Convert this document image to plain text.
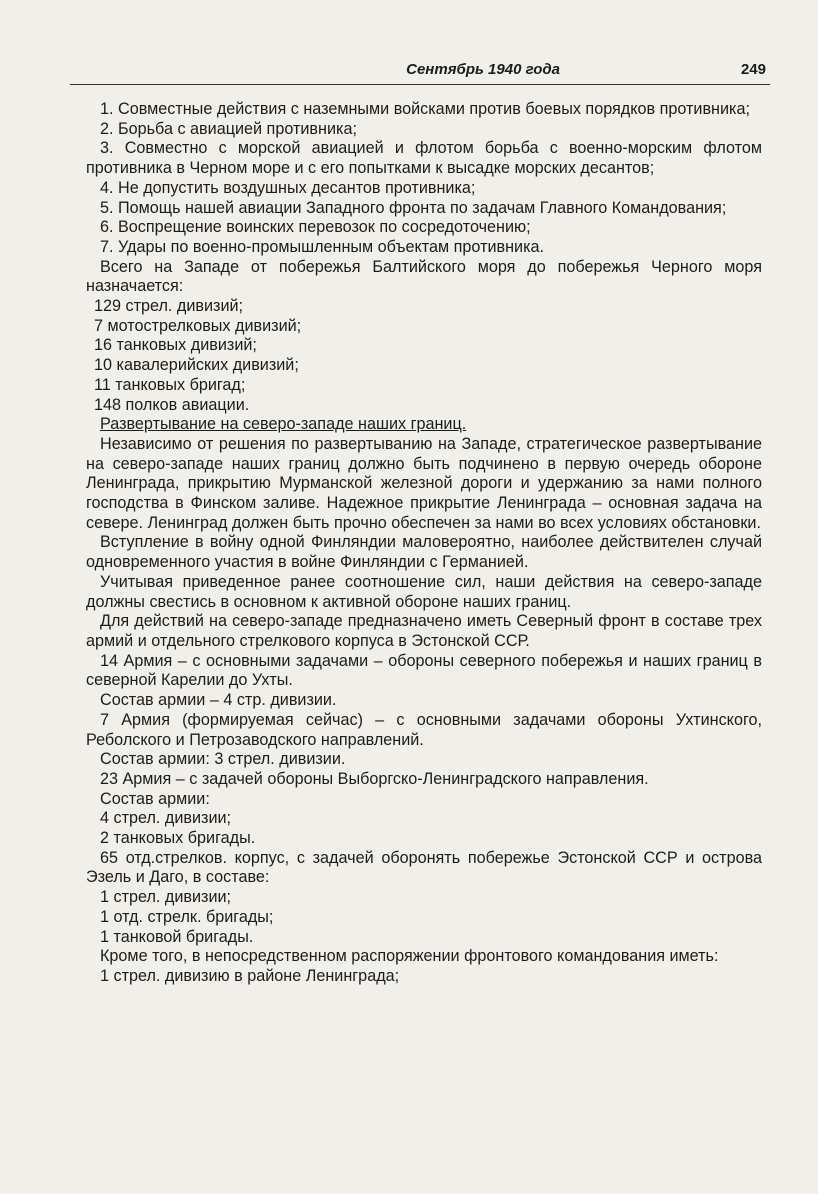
Сентябрь 1940 года	249

1. Совместные действия с наземными войсками против боевых порядков противника;

2. Борьба с авиацией противника;

3. Совместно с морской авиацией и флотом борьба с военно-морским флотом противника в Черном море и с его попытками к высадке морских десантов;

4. Не допустить воздушных десантов противника;

5. Помощь нашей авиации Западного фронта по задачам Главного Командования;

6. Воспрещение воинских перевозок по сосредоточению;

7. Удары по военно-промышленным объектам противника.

Всего на Западе от побережья Балтийского моря до побережья Черного моря назначается:

129 стрел. дивизий;

7 мотострелковых дивизий;

16 танковых дивизий;

10 кавалерийских дивизий;

11 танковых бригад;

148 полков авиации.

Развертывание на северо-западе наших границ.

Независимо от решения по развертыванию на Западе, стратегическое развертывание на северо-западе наших границ должно быть подчинено в первую очередь обороне Ленинграда, прикрытию Мурманской железной дороги и удержанию за нами полного господства в Финском заливе. Надежное прикрытие Ленинграда – основная задача на севере. Ленинград должен быть прочно обеспечен за нами во всех условиях обстановки.

Вступление в войну одной Финляндии маловероятно, наиболее действителен случай одновременного участия в войне Финляндии с Германией.

Учитывая приведенное ранее соотношение сил, наши действия на северо-западе должны свестись в основном к активной обороне наших границ.

Для действий на северо-западе предназначено иметь Северный фронт в составе трех армий и отдельного стрелкового корпуса в Эстонской ССР.

14 Армия – с основными задачами – обороны северного побережья и наших границ в северной Карелии до Ухты.

Состав армии – 4 стр. дивизии.

7 Армия (формируемая сейчас) – с основными задачами обороны Ухтинского, Реболского и Петрозаводского направлений.

Состав армии: 3 стрел. дивизии.

23 Армия – с задачей обороны Выборгско-Ленинградского направления.

Состав армии:

4 стрел. дивизии;

2 танковых бригады.

65 отд.стрелков. корпус, с задачей оборонять побережье Эстонской ССР и острова Эзель и Даго, в составе:

1 стрел. дивизии;

1 отд. стрелк. бригады;

1 танковой бригады.

Кроме того, в непосредственном распоряжении фронтового командования иметь:

1 стрел. дивизию в районе Ленинграда;
